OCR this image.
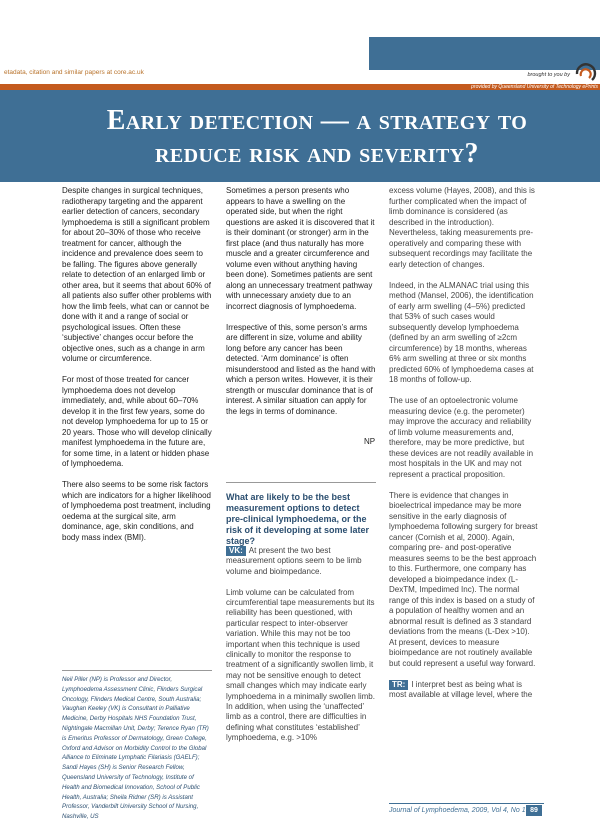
etadata, citation and similar papers at core.ac.uk	brought to you by
provided by Queensland University of Technology ePrints
Early detection — a strategy to reduce risk and severity?

Despite changes in surgical techniques, radiotherapy targeting and the apparent earlier detection of cancers, secondary lymphoedema is still a significant problem for about 20–30% of those who receive treatment for cancer, although the incidence and prevalence does seem to be falling. The figures above generally relate to detection of an enlarged limb or other area, but it seems that about 60% of all patients also suffer other problems with how the limb feels, what can or cannot be done with it and a range of social or psychological issues. Often these ‘subjective’ changes occur before the objective ones, such as a change in arm volume or circumference.

For most of those treated for cancer lymphoedema does not develop immediately, and, while about 60–70% develop it in the first few years, some do not develop lymphoedema for up to 15 or 20 years. Those who will develop clinically manifest lymphoedema in the future are, for some time, in a latent or hidden phase of lymphoedema.

There also seems to be some risk factors which are indicators for a higher likelihood of lymphoedema post treatment, including oedema at the surgical site, arm dominance, age, skin conditions, and body mass index (BMI).

Sometimes a person presents who appears to have a swelling on the operated side, but when the right questions are asked it is discovered that it is their dominant (or stronger) arm in the first place (and thus naturally has more muscle and a greater circumference and volume even without anything having been done). Sometimes patients are sent along an unnecessary treatment pathway with unnecessary anxiety due to an incorrect diagnosis of lymphoedema.

Irrespective of this, some person’s arms are different in size, volume and ability long before any cancer has been detected. ‘Arm dominance’ is often misunderstood and listed as the hand with which a person writes. However, it is their strength or muscular dominance that is of interest. A similar situation can apply for the legs in terms of dominance.

NP
What are likely to be the best measurement options to detect pre-clinical lymphoedema, or the risk of it developing at some later stage?

VK: At present the two best measurement options seem to be limb volume and bioimpedance.

Limb volume can be calculated from circumferential tape measurements but its reliability has been questioned, with particular respect to inter-observer variation. While this may not be too important when this technique is used clinically to monitor the response to treatment of a significantly swollen limb, it may not be sensitive enough to detect small changes which may indicate early lymphoedema in a minimally swollen limb. In addition, when using the ‘unaffected’ limb as a control, there are difficulties in defining what constitutes ‘established’ lymphoedema, e.g. >10%

excess volume (Hayes, 2008), and this is further complicated when the impact of limb dominance is considered (as described in the introduction). Nevertheless, taking measurements pre-operatively and comparing these with subsequent recordings may facilitate the early detection of changes.

Indeed, in the ALMANAC trial using this method (Mansel, 2006), the identification of early arm swelling (4–5%) predicted that 53% of such cases would subsequently develop lymphoedema (defined by an arm swelling of ≥2cm circumference) by 18 months, whereas 6% arm swelling at three or six months predicted 60% of lymphoedema cases at 18 months of follow-up.

The use of an optoelectronic volume measuring device (e.g. the perometer) may improve the accuracy and reliability of limb volume measurements and, therefore, may be more predictive, but these devices are not readily available in most hospitals in the UK and may not represent a practical proposition.

There is evidence that changes in bioelectrical impedance may be more sensitive in the early diagnosis of lymphoedema following surgery for breast cancer (Cornish et al, 2000). Again, comparing pre- and post-operative measures seems to be the best approach to this. Furthermore, one company has developed a bioimpedance index (L-DexTM, Impedimed Inc). The normal range of this index is based on a study of a population of healthy women and an abnormal result is defined as 3 standard deviations from the means (L-Dex >10). At present, devices to measure bioimpedance are not routinely available but could represent a useful way forward.

TR: I interpret best as being what is most available at village level, where the

Neil Piller (NP) is Professor and Director, Lymphoedema Assessment Clinic, Flinders Surgical Oncology, Flinders Medical Centre, South Australia; Vaughan Keeley (VK) is Consultant in Palliative Medicine, Derby Hospitals NHS Foundation Trust, Nightingale Macmillan Unit, Derby; Terence Ryan (TR) is Emeritus Professor of Dermatology, Green College, Oxford and Advisor on Morbidity Control to the Global Alliance to Eliminate Lymphatic Filariasis (GAELF); Sandi Hayes (SH) is Senior Research Fellow, Queensland University of Technology, Institute of Health and Biomedical Innovation, School of Public Health, Australia; Sheila Ridner (SR) is Assistant Professor, Vanderbilt University School of Nursing, Nashville, US
Journal of Lymphoedema, 2009, Vol 4, No 1 89
